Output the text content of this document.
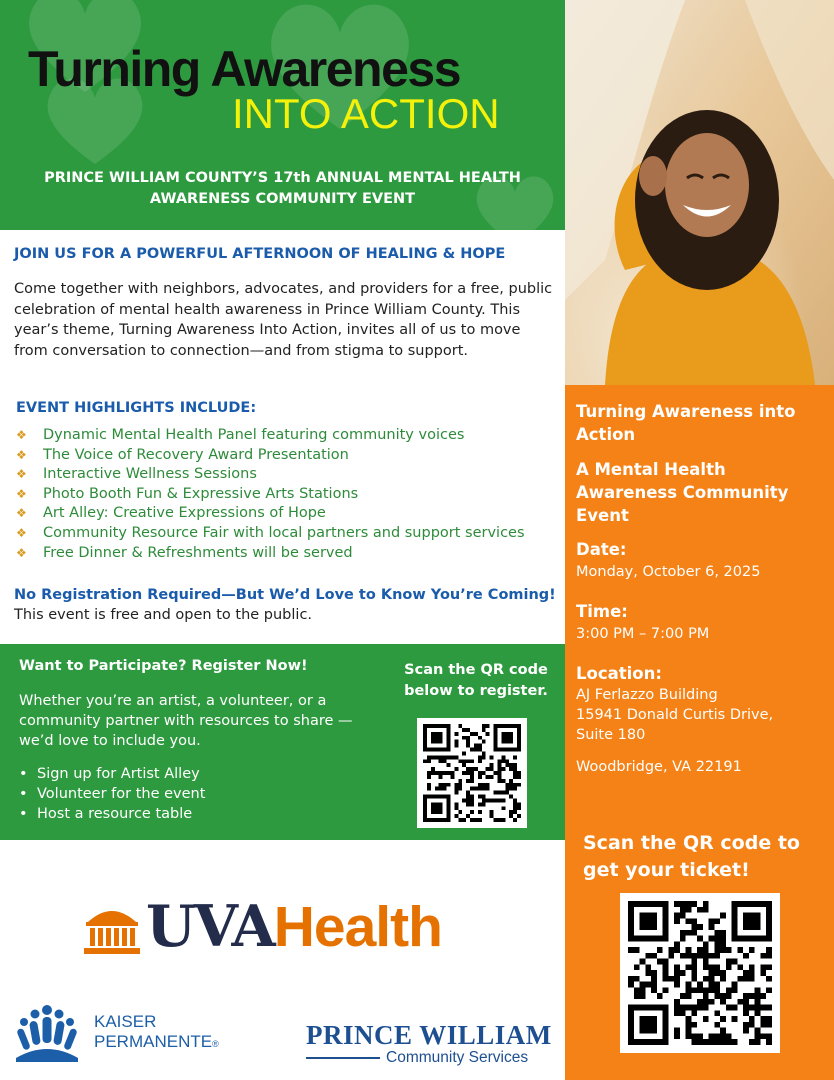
Turning Awareness
INTO ACTION
PRINCE WILLIAM COUNTY’S 17th ANNUAL MENTAL HEALTH AWARENESS COMMUNITY EVENT
JOIN US FOR A POWERFUL AFTERNOON OF HEALING & HOPE
Come together with neighbors, advocates, and providers for a free, public celebration of mental health awareness in Prince William County. This year’s theme, Turning Awareness Into Action, invites all of us to move from conversation to connection—and from stigma to support.
EVENT HIGHLIGHTS INCLUDE:
❖	Dynamic Mental Health Panel featuring community voices
❖	The Voice of Recovery Award Presentation
❖	Interactive Wellness Sessions
❖	Photo Booth Fun & Expressive Arts Stations
❖	Art Alley: Creative Expressions of Hope
❖	Community Resource Fair with local partners and support services
❖	Free Dinner & Refreshments will be served
No Registration Required—But We’d Love to Know You’re Coming!
This event is free and open to the public.
Want to Participate? Register Now!
Whether you’re an artist, a volunteer, or a community partner with resources to share — we’d love to include you.
• Sign up for Artist Alley
• Volunteer for the event
• Host a resource table
Scan the QR code below to register.
Turning Awareness into Action
A Mental Health Awareness Community Event
Date:
Monday, October 6, 2025
Time:
3:00 PM – 7:00 PM
Location:
AJ Ferlazzo Building
15941 Donald Curtis Drive,
Suite 180
Woodbridge, VA 22191
Scan the QR code to get your ticket!
UVAHealth
KAISER
PERMANENTE®	PRINCE WILLIAM
Community Services
